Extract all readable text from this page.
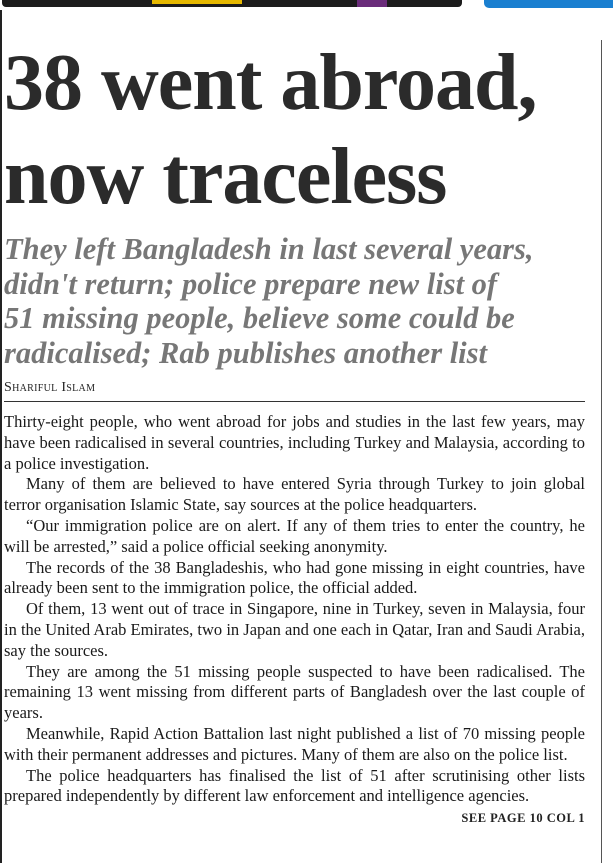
38 went abroad,
now traceless
They left Bangladesh in last several years,
didn't return; police prepare new list of
51 missing people, believe some could be
radicalised; Rab publishes another list
Shariful Islam

Thirty-eight people, who went abroad for jobs and studies in the last few years, may have been radicalised in several countries, including Turkey and Malaysia, according to a police investigation.

Many of them are believed to have entered Syria through Turkey to join global terror organisation Islamic State, say sources at the police headquarters.

“Our immigration police are on alert. If any of them tries to enter the country, he will be arrested,” said a police official seeking anonymity.

The records of the 38 Bangladeshis, who had gone missing in eight countries, have already been sent to the immigration police, the official added.

Of them, 13 went out of trace in Singapore, nine in Turkey, seven in Malaysia, four in the United Arab Emirates, two in Japan and one each in Qatar, Iran and Saudi Arabia, say the sources.

They are among the 51 missing people suspected to have been radicalised. The remaining 13 went missing from different parts of Bangladesh over the last couple of years.

Meanwhile, Rapid Action Battalion last night published a list of 70 missing people with their permanent addresses and pictures. Many of them are also on the police list.

The police headquarters has finalised the list of 51 after scrutinising other lists prepared independently by different law enforcement and intelligence agencies.

SEE PAGE 10 COL 1
